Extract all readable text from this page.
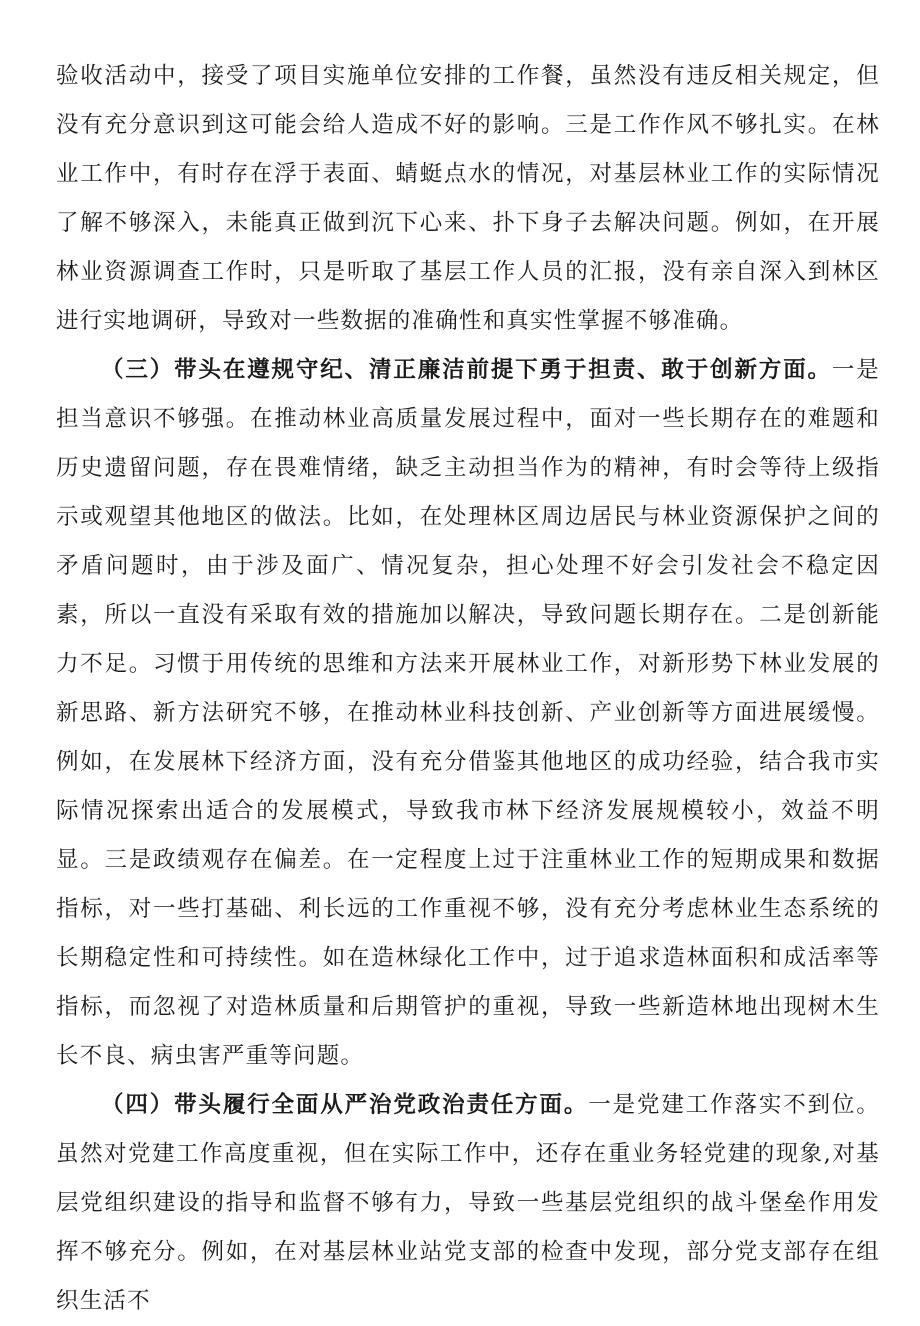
验收活动中，接受了项目实施单位安排的工作餐，虽然没有违反相关规定，但没有充分意识到这可能会给人造成不好的影响。三是工作作风不够扎实。在林业工作中，有时存在浮于表面、蜻蜓点水的情况，对基层林业工作的实际情况了解不够深入，未能真正做到沉下心来、扑下身子去解决问题。例如，在开展林业资源调查工作时，只是听取了基层工作人员的汇报，没有亲自深入到林区进行实地调研，导致对一些数据的准确性和真实性掌握不够准确。

（三）带头在遵规守纪、清正廉洁前提下勇于担责、敢于创新方面。一是担当意识不够强。在推动林业高质量发展过程中，面对一些长期存在的难题和历史遗留问题，存在畏难情绪，缺乏主动担当作为的精神，有时会等待上级指示或观望其他地区的做法。比如，在处理林区周边居民与林业资源保护之间的矛盾问题时，由于涉及面广、情况复杂，担心处理不好会引发社会不稳定因素，所以一直没有采取有效的措施加以解决，导致问题长期存在。二是创新能力不足。习惯于用传统的思维和方法来开展林业工作，对新形势下林业发展的新思路、新方法研究不够，在推动林业科技创新、产业创新等方面进展缓慢。例如，在发展林下经济方面，没有充分借鉴其他地区的成功经验，结合我市实际情况探索出适合的发展模式，导致我市林下经济发展规模较小，效益不明显。三是政绩观存在偏差。在一定程度上过于注重林业工作的短期成果和数据指标，对一些打基础、利长远的工作重视不够，没有充分考虑林业生态系统的长期稳定性和可持续性。如在造林绿化工作中，过于追求造林面积和成活率等指标，而忽视了对造林质量和后期管护的重视，导致一些新造林地出现树木生长不良、病虫害严重等问题。

（四）带头履行全面从严治党政治责任方面。一是党建工作落实不到位。虽然对党建工作高度重视，但在实际工作中，还存在重业务轻党建的现象,对基层党组织建设的指导和监督不够有力，导致一些基层党组织的战斗堡垒作用发挥不够充分。例如，在对基层林业站党支部的检查中发现，部分党支部存在组织生活不
